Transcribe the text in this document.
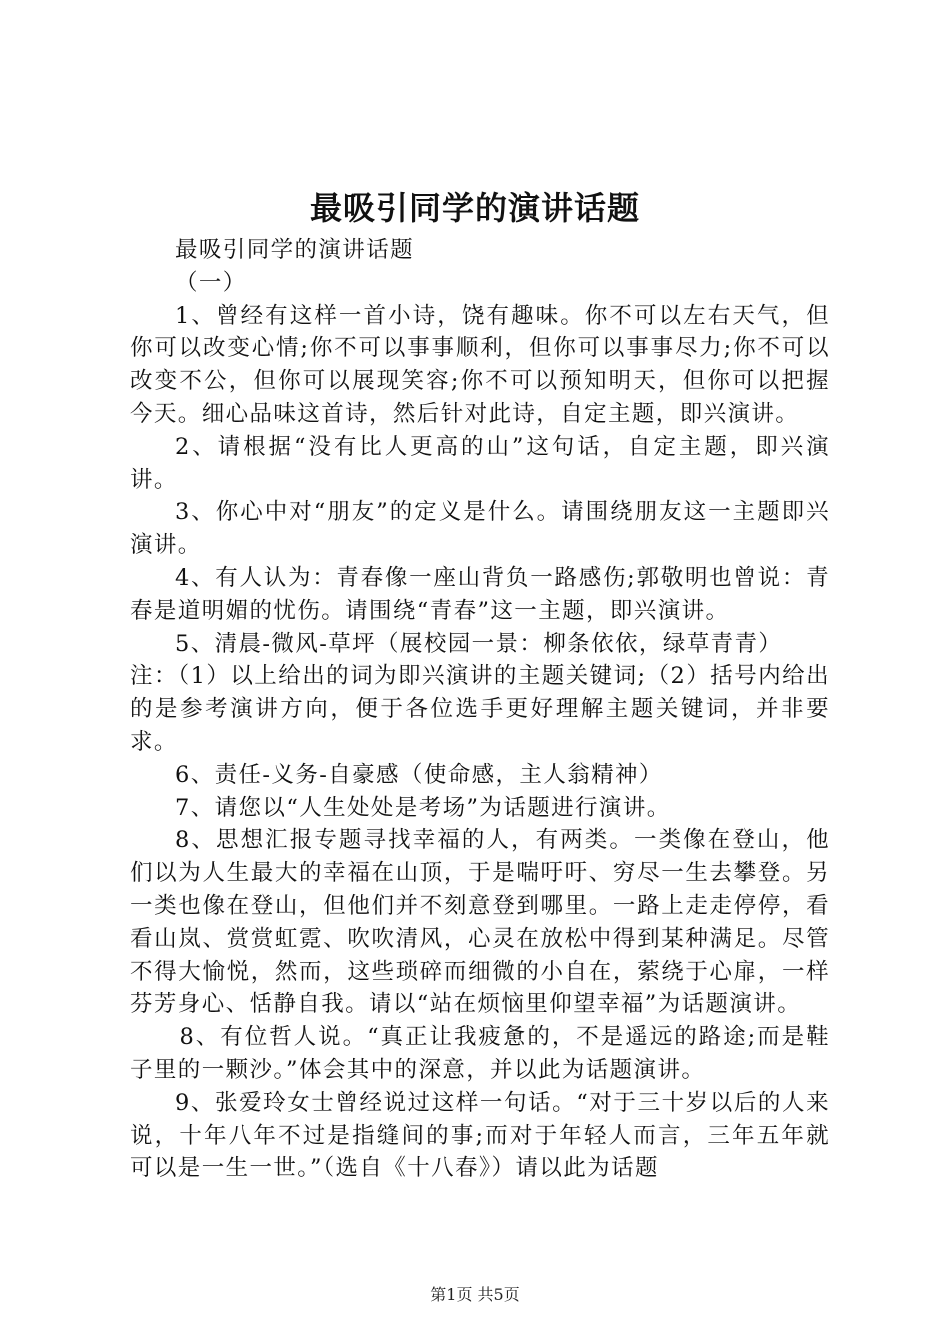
最吸引同学的演讲话题

最吸引同学的演讲话题

（一）

1、曾经有这样一首小诗，饶有趣味。你不可以左右天气，但你可以改变心情;你不可以事事顺利，但你可以事事尽力;你不可以改变不公，但你可以展现笑容;你不可以预知明天，但你可以把握今天。细心品味这首诗，然后针对此诗，自定主题，即兴演讲。

2、请根据“没有比人更高的山”这句话，自定主题，即兴演讲。

3、你心中对“朋友”的定义是什么。请围绕朋友这一主题即兴演讲。

4、有人认为：青春像一座山背负一路感伤;郭敬明也曾说：青春是道明媚的忧伤。请围绕“青春”这一主题，即兴演讲。

5、清晨-微风-草坪（展校园一景：柳条依依，绿草青青）

注：（1）以上给出的词为即兴演讲的主题关键词;（2）括号内给出的是参考演讲方向，便于各位选手更好理解主题关键词，并非要求。

6、责任-义务-自豪感（使命感，主人翁精神）

7、请您以“人生处处是考场”为话题进行演讲。

8、思想汇报专题寻找幸福的人，有两类。一类像在登山，他们以为人生最大的幸福在山顶，于是喘吁吁、穷尽一生去攀登。另一类也像在登山，但他们并不刻意登到哪里。一路上走走停停，看看山岚、赏赏虹霓、吹吹清风，心灵在放松中得到某种满足。尽管不得大愉悦，然而，这些琐碎而细微的小自在，萦绕于心扉，一样芬芳身心、恬静自我。请以“站在烦恼里仰望幸福”为话题演讲。

8、有位哲人说。“真正让我疲惫的，不是遥远的路途;而是鞋子里的一颗沙。”体会其中的深意，并以此为话题演讲。

9、张爱玲女士曾经说过这样一句话。“对于三十岁以后的人来说，十年八年不过是指缝间的事;而对于年轻人而言，三年五年就可以是一生一世。”（选自《十八春》）请以此为话题

第1页 共5页
